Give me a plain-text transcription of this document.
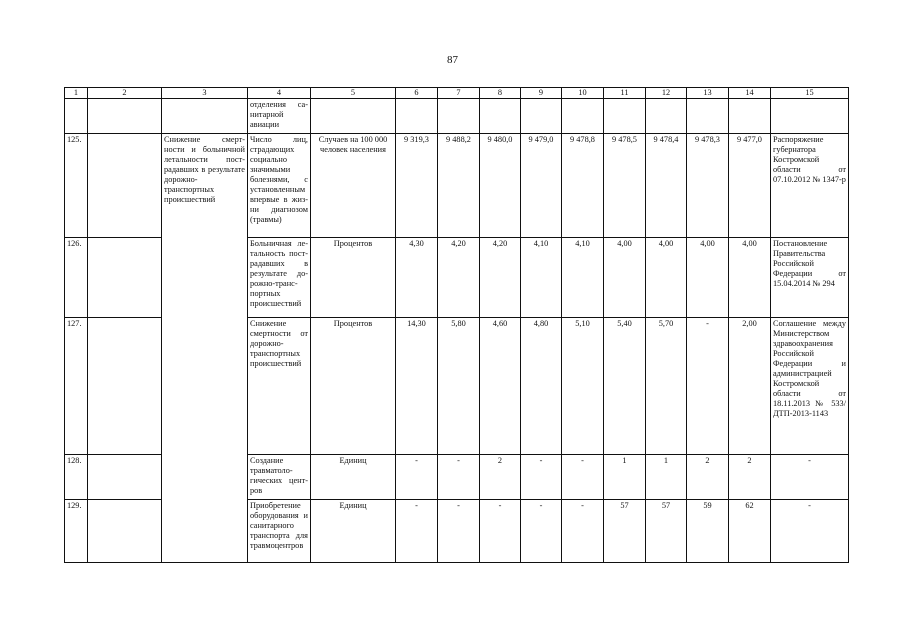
87
1	2	3	4	5	6	7	8	9	10	11	12	13	14	15
			отделения са-нитарной авиации											
125.		Снижение смерт-ности и больничной летальности пост-радавших в результате дорожно-транспортных происшествий	Число лиц, страдающих социально значимыми болезнями, с установленным впервые в жиз-ни диагнозом (травмы)	Случаев на 100 000 человек населения	9 319,3	9 488,2	9 480,0	9 479,0	9 478,8	9 478,5	9 478,4	9 478,3	9 477,0	Распоряжение губернатора Костромской области от 07.10.2012 № 1347-р
126.			Больничная ле-тальность пост-радавших в результате до-рожно-транс-портных происшествий	Процентов	4,30	4,20	4,20	4,10	4,10	4,00	4,00	4,00	4,00	Постановление Правительства Российской Федерации от 15.04.2014 № 294
127.			Снижение смертности от дорожно-транспортных происшествий	Процентов	14,30	5,80	4,60	4,80	5,10	5,40	5,70	-	2,00	Соглашение между Министерством здравоохранения Российской Федерации и администрацией Костромской области от 18.11.2013 № 533/ДТП-2013-1143
128.			Создание травматоло-гических цент-ров	Единиц	-	-	2	-	-	1	1	2	2	-
129.			Приобретение оборудования и санитарного транспорта для травмоцентров	Единиц	-	-	-	-	-	57	57	59	62	-
